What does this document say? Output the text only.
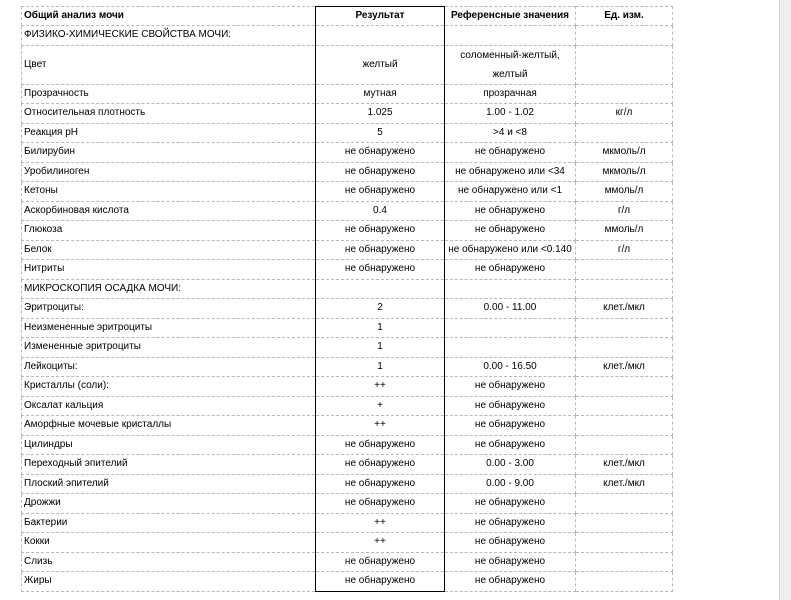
Общий анализ мочи	Результат	Референсные значения	Ед. изм.
ФИЗИКО-ХИМИЧЕСКИЕ СВОЙСТВА МОЧИ:			
Цвет	желтый	соломенный-желтый, желтый	

Прозрачность	мутная	прозрачная	
Относительная плотность	1.025	1.00 - 1.02	кг/л
Реакция pH	5	>4 и <8	
Билирубин	не обнаружено	не обнаружено	мкмоль/л
Уробилиноген	не обнаружено	не обнаружено или <34	мкмоль/л
Кетоны	не обнаружено	не обнаружено или <1	ммоль/л
Аскорбиновая кислота	0.4	не обнаружено	г/л
Глюкоза	не обнаружено	не обнаружено	ммоль/л
Белок	не обнаружено	не обнаружено или <0.140	г/л
Нитриты	не обнаружено	не обнаружено	
МИКРОСКОПИЯ ОСАДКА МОЧИ:			
Эритроциты:	2	0.00 - 11.00	клет./мкл
Неизмененные эритроциты	1		
Измененные эритроциты	1		
Лейкоциты:	1	0.00 - 16.50	клет./мкл
Кристаллы (соли):	++	не обнаружено	
Оксалат кальция	+	не обнаружено	
Аморфные мочевые кристаллы	++	не обнаружено	
Цилиндры	не обнаружено	не обнаружено	
Переходный эпителий	не обнаружено	0.00 - 3.00	клет./мкл
Плоский эпителий	не обнаружено	0.00 - 9.00	клет./мкл
Дрожжи	не обнаружено	не обнаружено	
Бактерии	++	не обнаружено	
Кокки	++	не обнаружено	
Слизь	не обнаружено	не обнаружено	
Жиры	не обнаружено	не обнаружено	
